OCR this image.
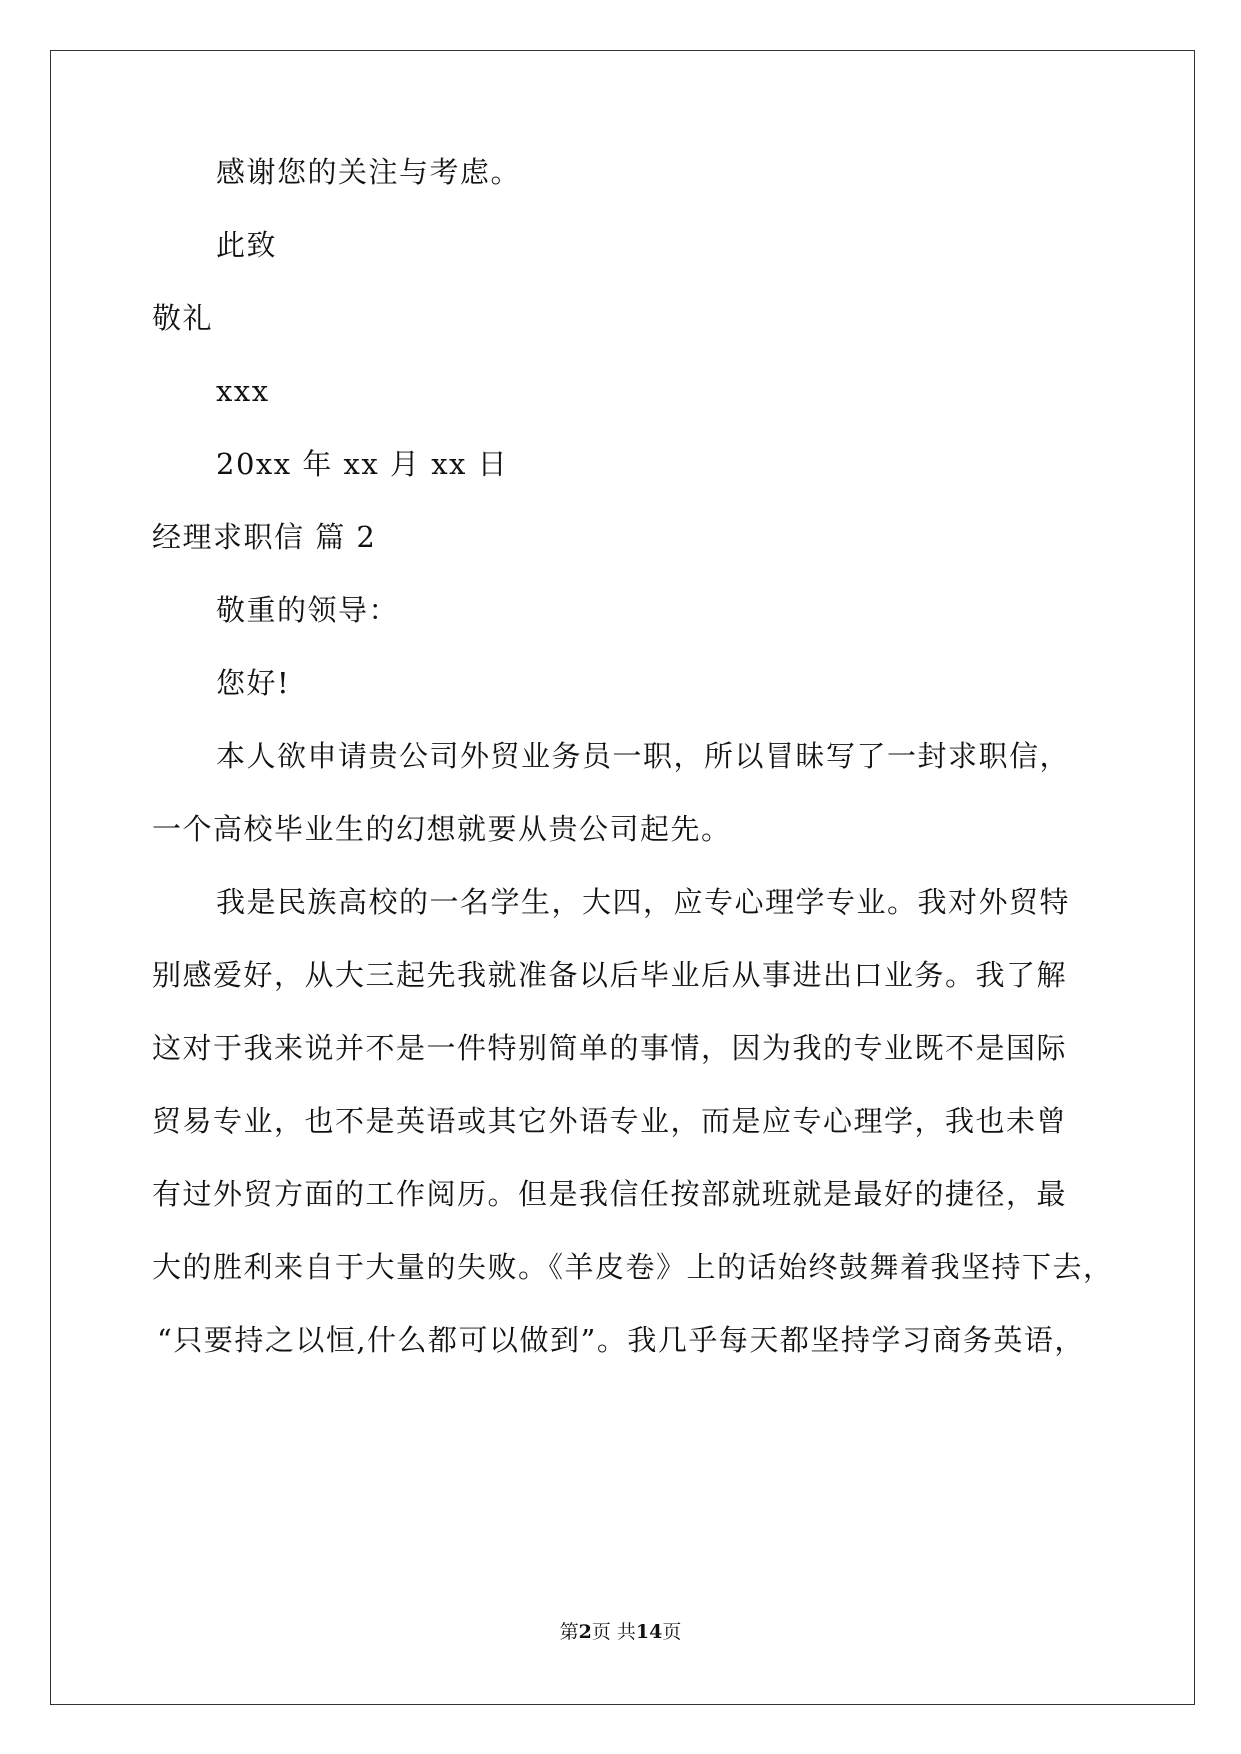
感谢您的关注与考虑。
此致
敬礼
xxx
20xx 年 xx 月 xx 日
经理求职信 篇 2
敬重的领导：
您好!
本人欲申请贵公司外贸业务员一职，所以冒昧写了一封求职信，
一个高校毕业生的幻想就要从贵公司起先。
我是民族高校的一名学生，大四，应专心理学专业。我对外贸特
别感爱好，从大三起先我就准备以后毕业后从事进出口业务。我了解
这对于我来说并不是一件特别简单的事情，因为我的专业既不是国际
贸易专业，也不是英语或其它外语专业，而是应专心理学，我也未曾
有过外贸方面的工作阅历。但是我信任按部就班就是最好的捷径，最
大的胜利来自于大量的失败。《羊皮卷》上的话始终鼓舞着我坚持下去，
“只要持之以恒,什么都可以做到”。我几乎每天都坚持学习商务英语，
第2页 共14页
